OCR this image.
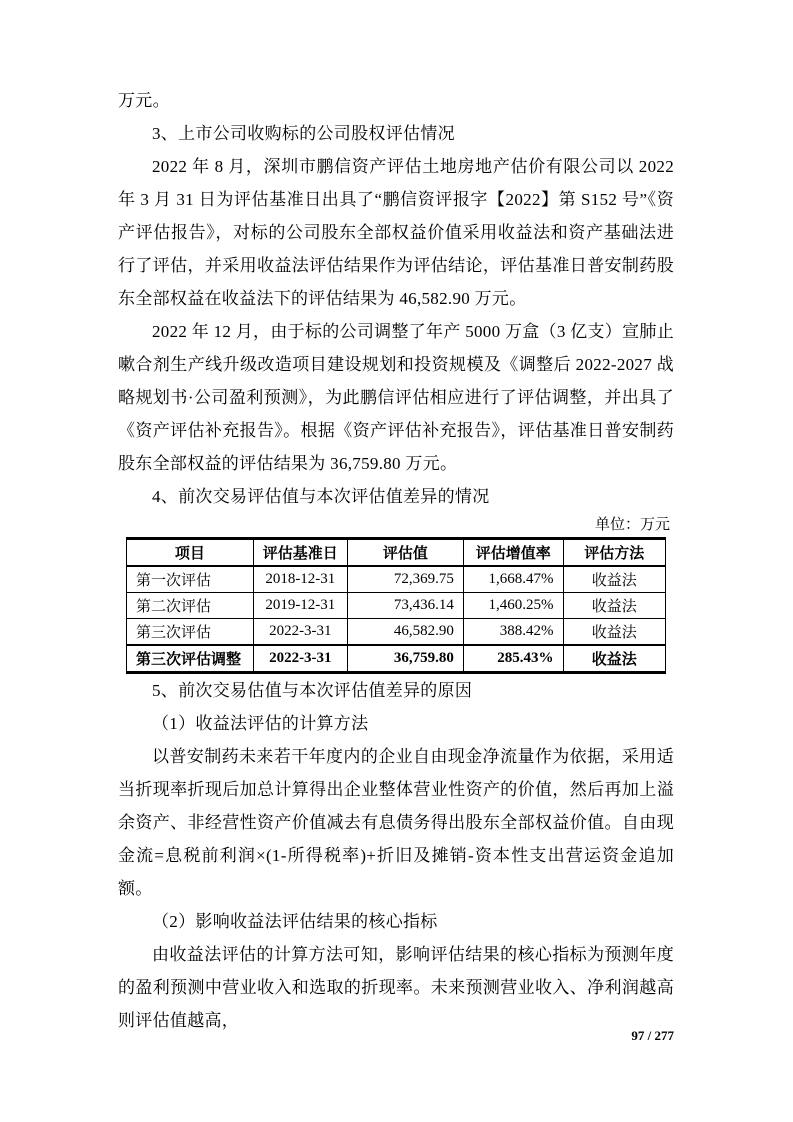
万元。

3、上市公司收购标的公司股权评估情况

2022 年 8 月，深圳市鹏信资产评估土地房地产估价有限公司以 2022 年 3 月 31 日为评估基准日出具了“鹏信资评报字【2022】第 S152 号”《资产评估报告》，对标的公司股东全部权益价值采用收益法和资产基础法进行了评估，并采用收益法评估结果作为评估结论，评估基准日普安制药股东全部权益在收益法下的评估结果为 46,582.90 万元。

2022 年 12 月，由于标的公司调整了年产 5000 万盒（3 亿支）宣肺止嗽合剂生产线升级改造项目建设规划和投资规模及《调整后 2022-2027 战略规划书·公司盈利预测》，为此鹏信评估相应进行了评估调整，并出具了《资产评估补充报告》。根据《资产评估补充报告》，评估基准日普安制药股东全部权益的评估结果为 36,759.80 万元。

4、前次交易评估值与本次评估值差异的情况
单位：万元
项目	评估基准日	评估值	评估增值率	评估方法
第一次评估	2018-12-31	72,369.75	1,668.47%	收益法
第二次评估	2019-12-31	73,436.14	1,460.25%	收益法
第三次评估	2022-3-31	46,582.90	388.42%	收益法
第三次评估调整	2022-3-31	36,759.80	285.43%	收益法
5、前次交易估值与本次评估值差异的原因

（1）收益法评估的计算方法

以普安制药未来若干年度内的企业自由现金净流量作为依据，采用适当折现率折现后加总计算得出企业整体营业性资产的价值，然后再加上溢余资产、非经营性资产价值减去有息债务得出股东全部权益价值。自由现金流=息税前利润×(1-所得税率)+折旧及摊销-资本性支出营运资金追加额。

（2）影响收益法评估结果的核心指标

由收益法评估的计算方法可知，影响评估结果的核心指标为预测年度的盈利预测中营业收入和选取的折现率。未来预测营业收入、净利润越高则评估值越高，

97 / 277
